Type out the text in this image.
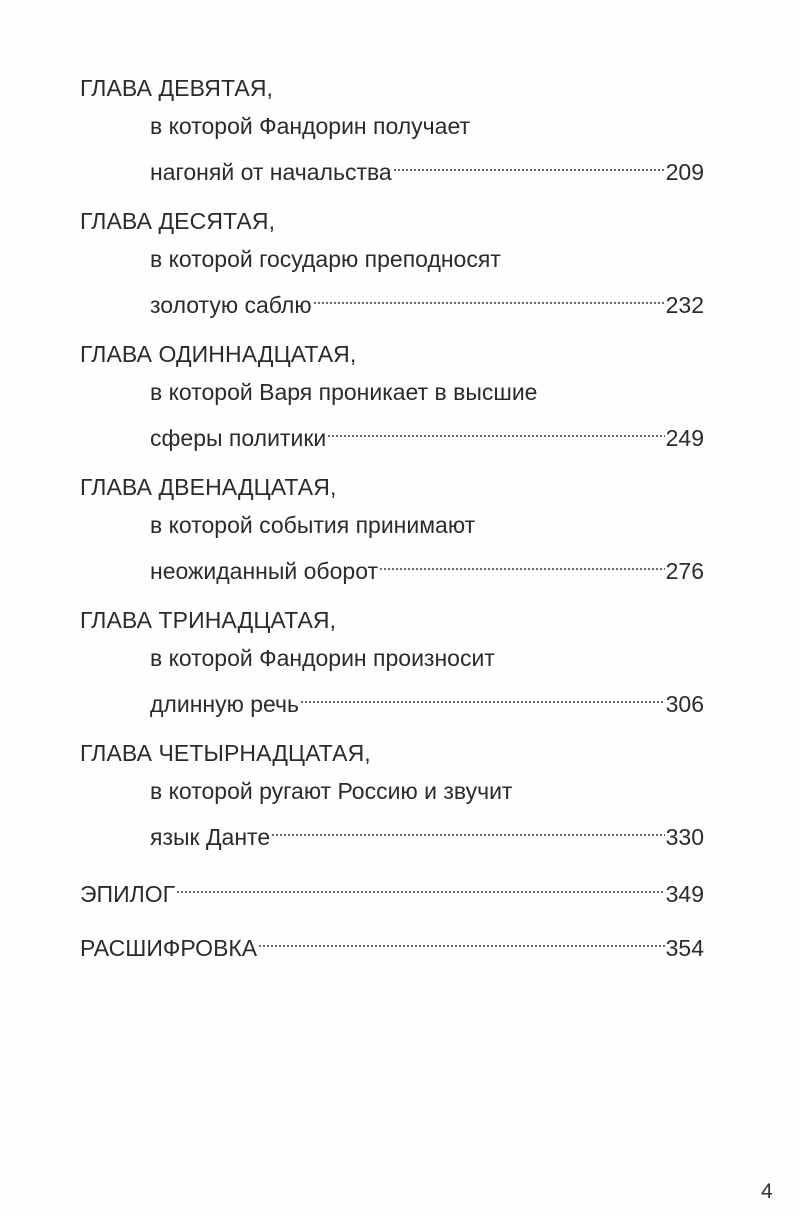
ГЛАВА ДЕВЯТАЯ,
в которой Фандорин получает
нагоняй от начальства	209
ГЛАВА ДЕСЯТАЯ,
в которой государю преподносят
золотую саблю	232
ГЛАВА ОДИННАДЦАТАЯ,
в которой Варя проникает в высшие
сферы политики	249
ГЛАВА ДВЕНАДЦАТАЯ,
в которой события принимают
неожиданный оборот	276
ГЛАВА ТРИНАДЦАТАЯ,
в которой Фандорин произносит
длинную речь	306
ГЛАВА ЧЕТЫРНАДЦАТАЯ,
в которой ругают Россию и звучит
язык Данте	330
ЭПИЛОГ	349
РАСШИФРОВКА	354
4
